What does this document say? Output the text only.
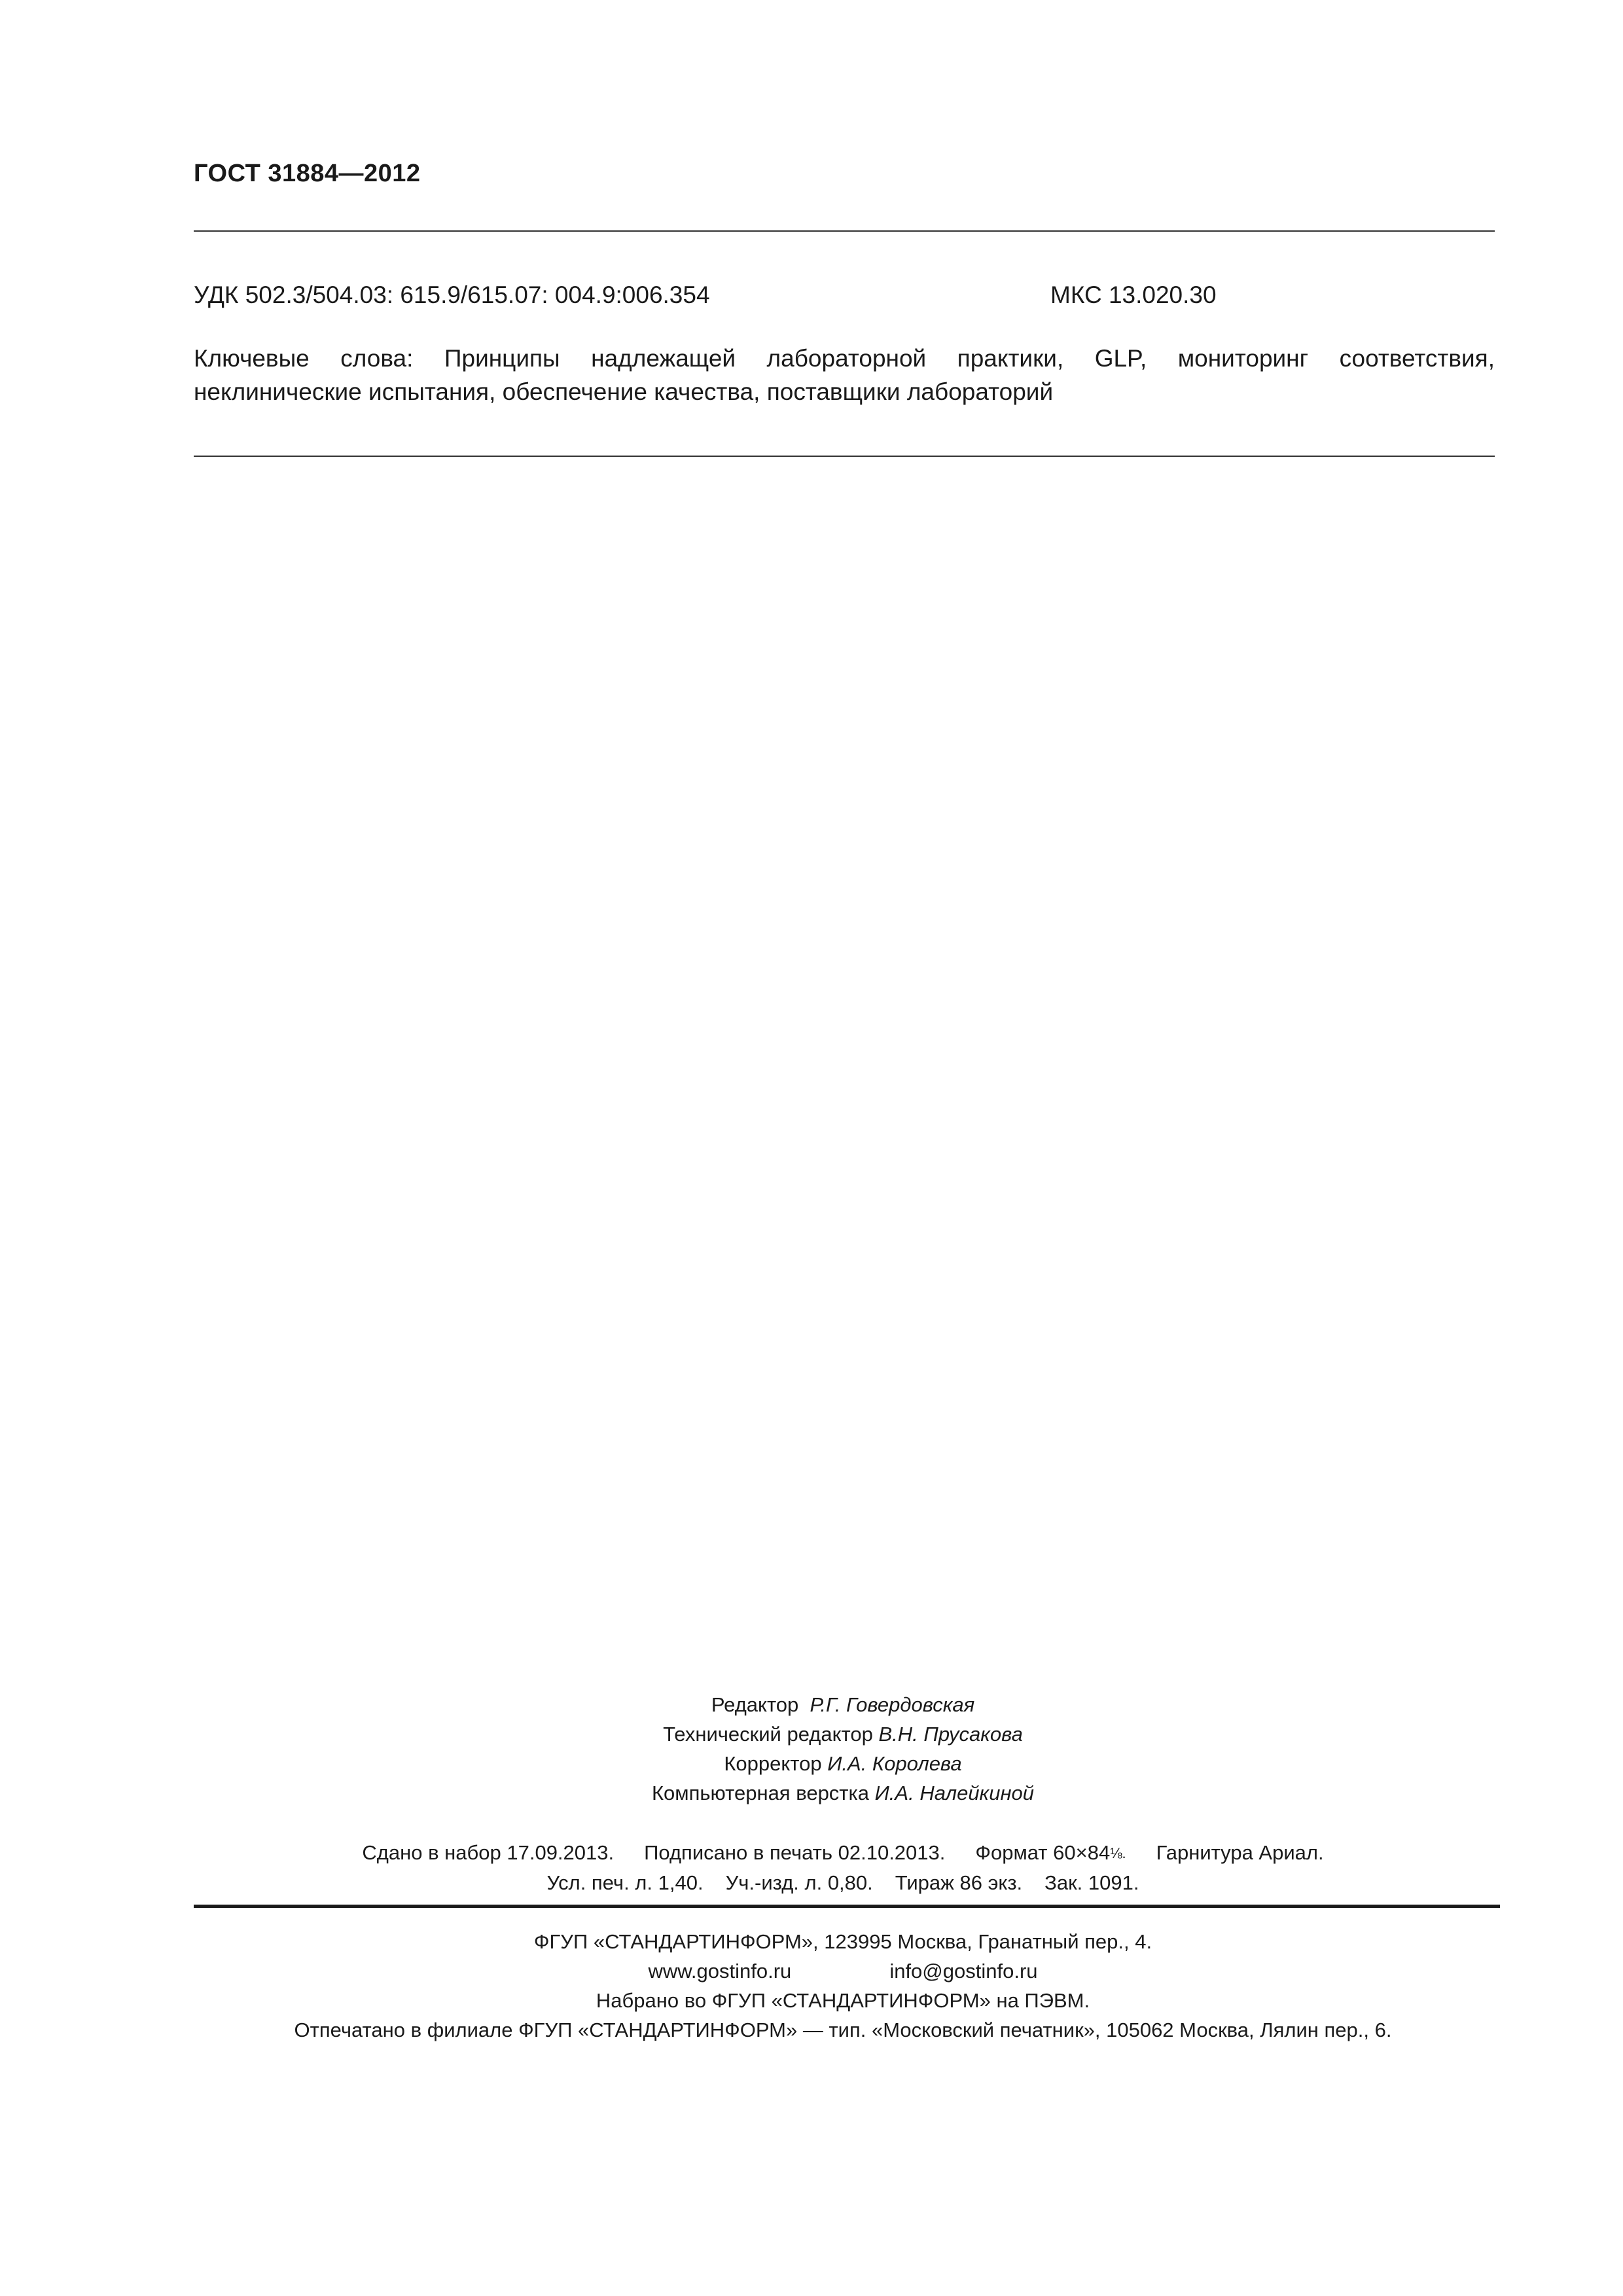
ГОСТ 31884—2012
УДК 502.3/504.03: 615.9/615.07: 004.9:006.354	МКС 13.020.30
Ключевые слова: Принципы надлежащей лабораторной практики, GLP, мониторинг соответствия,
неклинические испытания, обеспечение качества, поставщики лабораторий
Редактор Р.Г. Говердовская
Технический редактор В.Н. Прусакова
Корректор И.А. Королева
Компьютерная верстка И.А. Налейкиной
Сдано в набор 17.09.2013. Подписано в печать 02.10.2013. Формат 60×84⅛. Гарнитура Ариал.
Усл. печ. л. 1,40. Уч.-изд. л. 0,80. Тираж 86 экз. Зак. 1091.
ФГУП «СТАНДАРТИНФОРМ», 123995 Москва, Гранатный пер., 4.
www.gostinfo.ru	info@gostinfo.ru
Набрано во ФГУП «СТАНДАРТИНФОРМ» на ПЭВМ.
Отпечатано в филиале ФГУП «СТАНДАРТИНФОРМ» — тип. «Московский печатник», 105062 Москва, Лялин пер., 6.
